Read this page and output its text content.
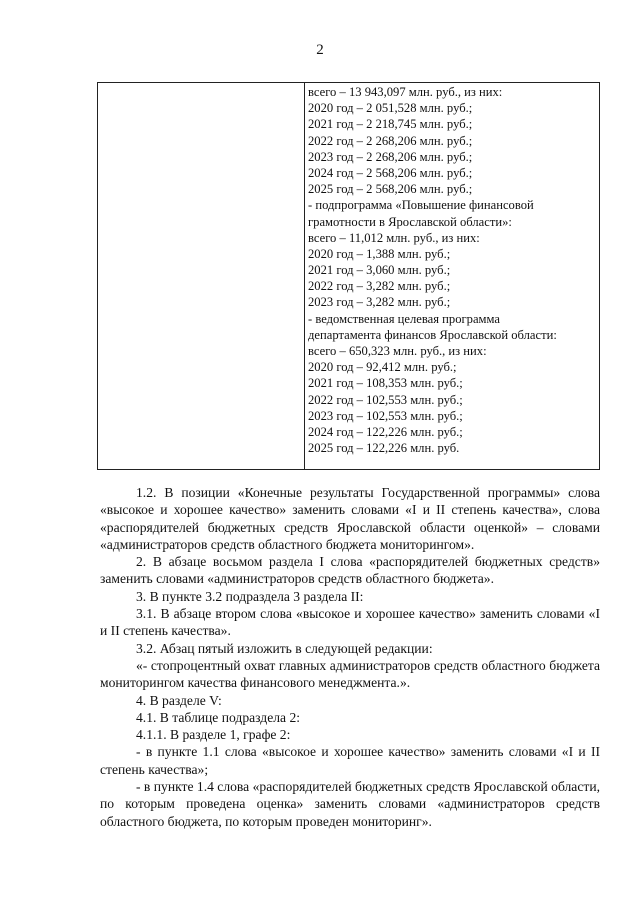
2

всего – 13 943,097 млн. руб., из них:
2020 год – 2 051,528 млн. руб.;
2021 год – 2 218,745 млн. руб.;
2022 год – 2 268,206 млн. руб.;
2023 год – 2 268,206 млн. руб.;
2024 год – 2 568,206 млн. руб.;
2025 год – 2 568,206 млн. руб.;
- подпрограмма «Повышение финансовой
грамотности в Ярославской области»:
всего – 11,012 млн. руб., из них:
2020 год – 1,388 млн. руб.;
2021 год – 3,060 млн. руб.;
2022 год – 3,282 млн. руб.;
2023 год – 3,282 млн. руб.;
- ведомственная целевая программа
департамента финансов Ярославской области:
всего – 650,323 млн. руб., из них:
2020 год – 92,412 млн. руб.;
2021 год – 108,353 млн. руб.;
2022 год – 102,553 млн. руб.;
2023 год – 102,553 млн. руб.;
2024 год – 122,226 млн. руб.;
2025 год – 122,226 млн. руб.

1.2. В позиции «Конечные результаты Государственной программы» слова «высокое и хорошее качество» заменить словами «I и II степень качества», слова «распорядителей бюджетных средств Ярославской области оценкой» – словами «администраторов средств областного бюджета мониторингом».

2. В абзаце восьмом раздела I слова «распорядителей бюджетных средств» заменить словами «администраторов средств областного бюджета».

3. В пункте 3.2 подраздела 3 раздела II:

3.1. В абзаце втором слова «высокое и хорошее качество» заменить словами «I и II степень качества».

3.2. Абзац пятый изложить в следующей редакции:

«- стопроцентный охват главных администраторов средств областного бюджета мониторингом качества финансового менеджмента.».

4. В разделе V:

4.1. В таблице подраздела 2:

4.1.1. В разделе 1, графе 2:

- в пункте 1.1 слова «высокое и хорошее качество» заменить словами «I и II степень качества»;

- в пункте 1.4 слова «распорядителей бюджетных средств Ярославской области, по которым проведена оценка» заменить словами «администраторов средств областного бюджета, по которым проведен мониторинг».
